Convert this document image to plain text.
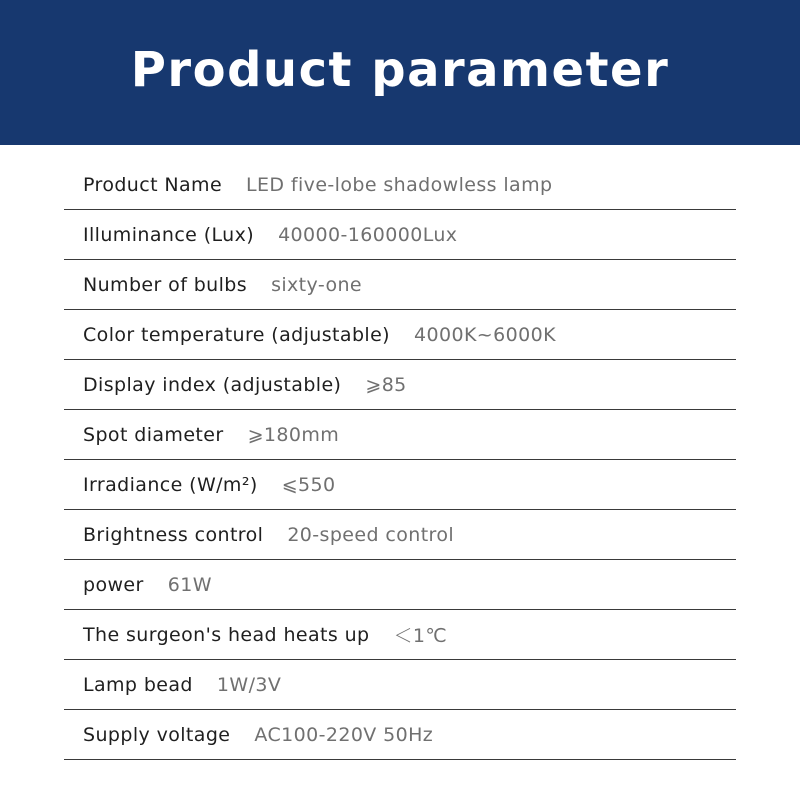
Product parameter
Product Name LED five-lobe shadowless lamp
Illuminance (Lux) 40000-160000Lux
Number of bulbs sixty-one
Color temperature (adjustable) 4000K~6000K
Display index (adjustable) ⩾85
Spot diameter ⩾180mm
Irradiance (W/m²) ⩽550
Brightness control 20-speed control
power 61W
The surgeon's head heats up ＜1℃
Lamp bead 1W/3V
Supply voltage AC100-220V 50Hz
